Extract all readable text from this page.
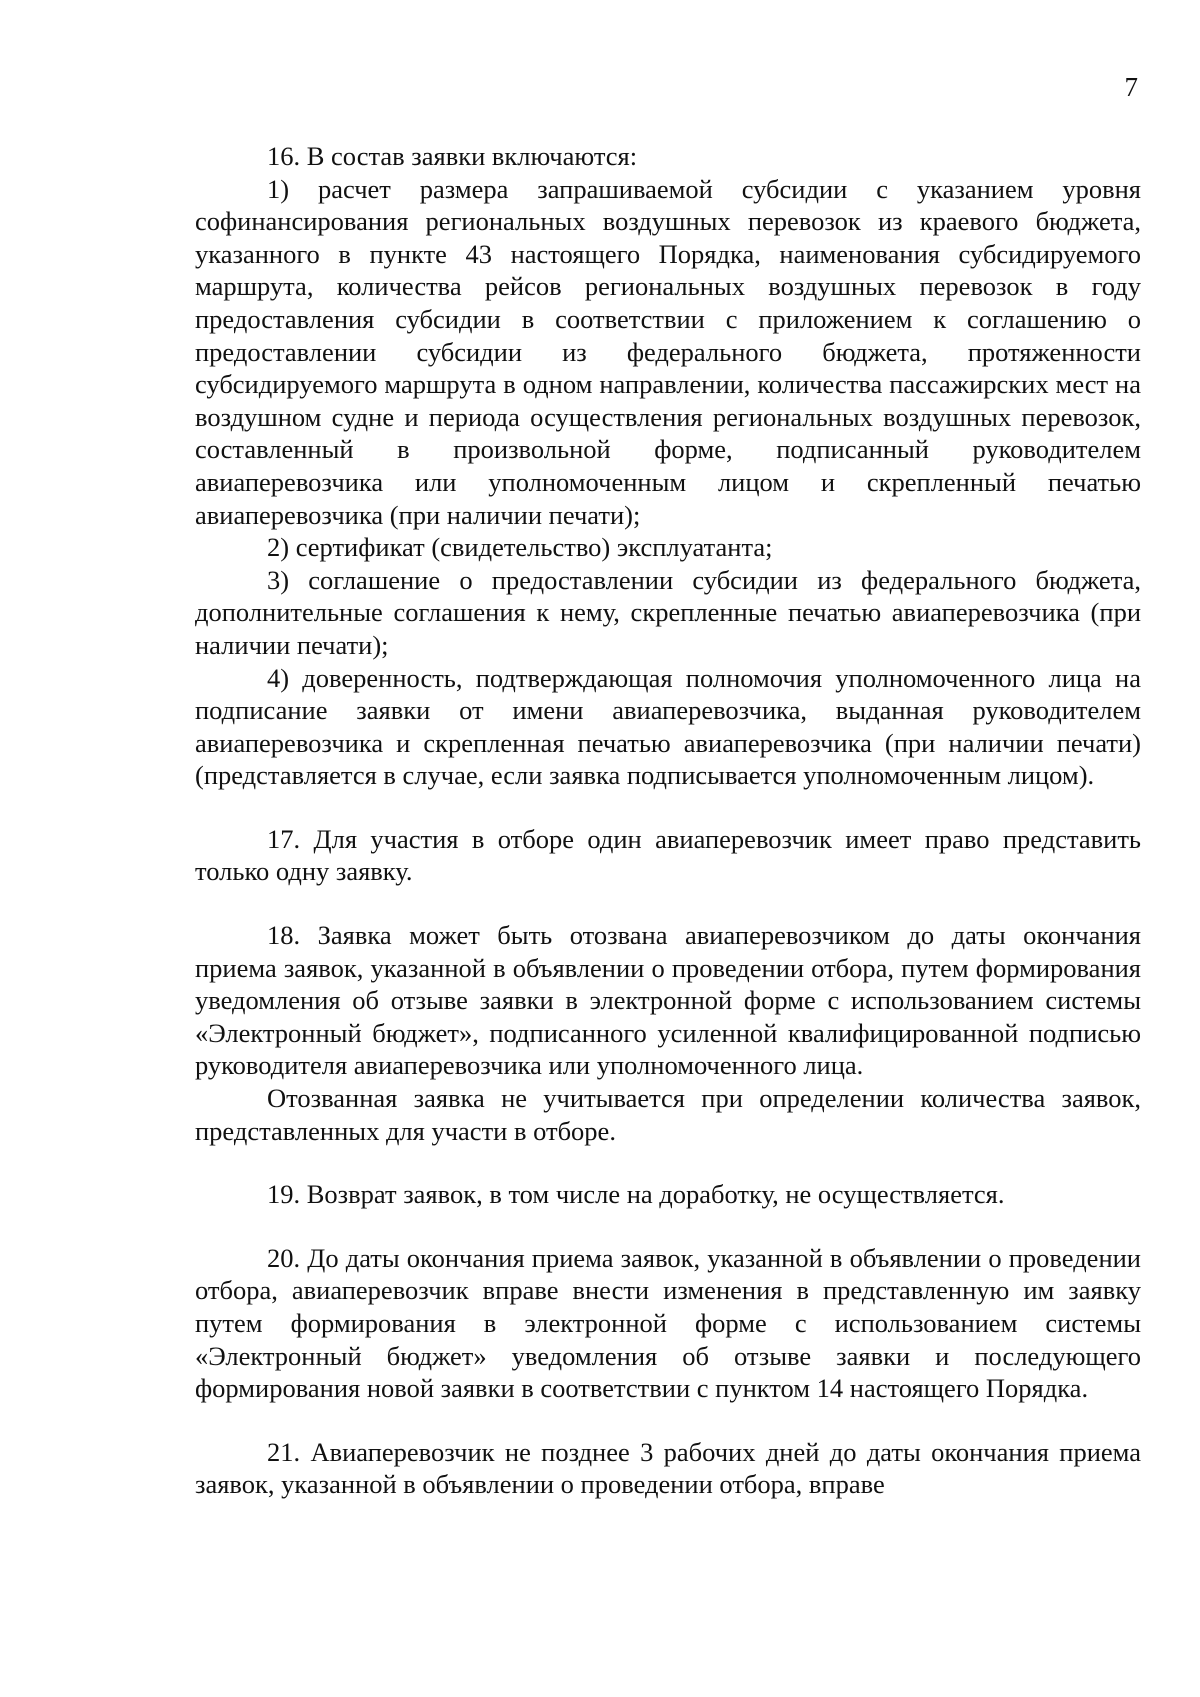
7

16. В состав заявки включаются:

1) расчет размера запрашиваемой субсидии с указанием уровня софинансирования региональных воздушных перевозок из краевого бюджета, указанного в пункте 43 настоящего Порядка, наименования субсидируемого маршрута, количества рейсов региональных воздушных перевозок в году предоставления субсидии в соответствии с приложением к соглашению о предоставлении субсидии из федерального бюджета, протяженности субсидируемого маршрута в одном направлении, количества пассажирских мест на воздушном судне и периода осуществления региональных воздушных перевозок, составленный в произвольной форме, подписанный руководителем авиаперевозчика или уполномоченным лицом и скрепленный печатью авиаперевозчика (при наличии печати);

2) сертификат (свидетельство) эксплуатанта;

3) соглашение о предоставлении субсидии из федерального бюджета, дополнительные соглашения к нему, скрепленные печатью авиаперевозчика (при наличии печати);

4) доверенность, подтверждающая полномочия уполномоченного лица на подписание заявки от имени авиаперевозчика, выданная руководителем авиаперевозчика и скрепленная печатью авиаперевозчика (при наличии печати) (представляется в случае, если заявка подписывается уполномоченным лицом).

17. Для участия в отборе один авиаперевозчик имеет право представить только одну заявку.

18. Заявка может быть отозвана авиаперевозчиком до даты окончания приема заявок, указанной в объявлении о проведении отбора, путем формирования уведомления об отзыве заявки в электронной форме с использованием системы «Электронный бюджет», подписанного усиленной квалифицированной подписью руководителя авиаперевозчика или уполномоченного лица.

Отозванная заявка не учитывается при определении количества заявок, представленных для участи в отборе.

19. Возврат заявок, в том числе на доработку, не осуществляется.

20. До даты окончания приема заявок, указанной в объявлении о проведении отбора, авиаперевозчик вправе внести изменения в представленную им заявку путем формирования в электронной форме с использованием системы «Электронный бюджет» уведомления об отзыве заявки и последующего формирования новой заявки в соответствии с пунктом 14 настоящего Порядка.

21. Авиаперевозчик не позднее 3 рабочих дней до даты окончания приема заявок, указанной в объявлении о проведении отбора, вправе
